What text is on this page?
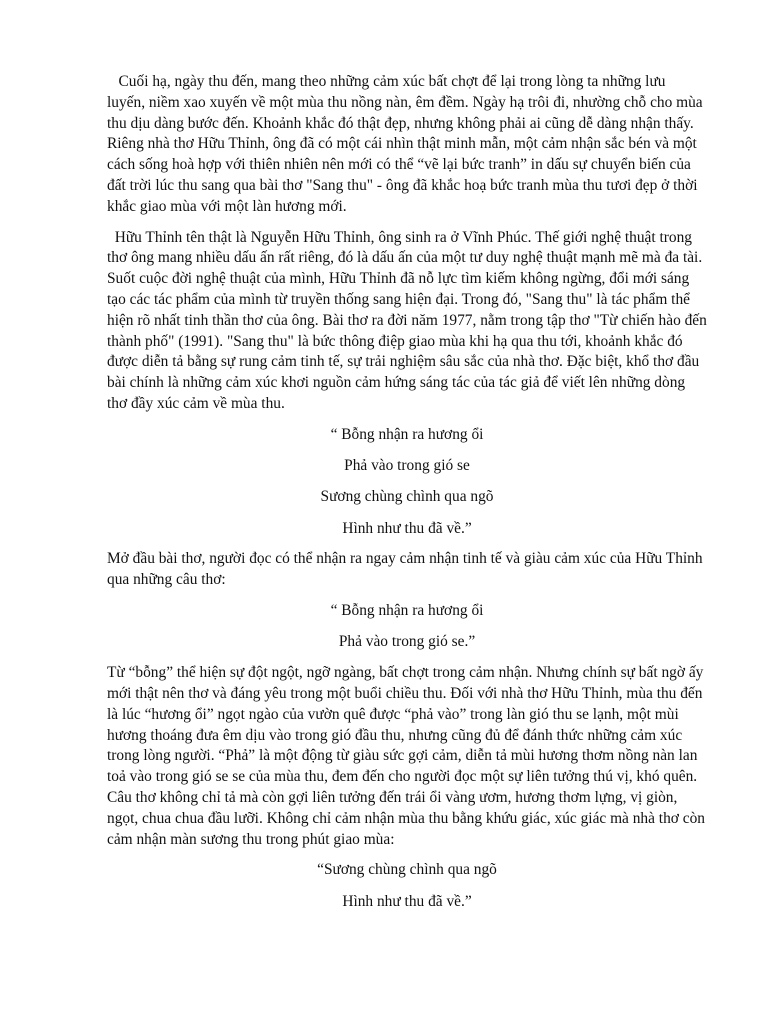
Cuối hạ, ngày thu đến, mang theo những cảm xúc bất chợt để lại trong lòng ta những lưu luyến, niềm xao xuyến về một mùa thu nồng nàn, êm đềm. Ngày hạ trôi đi, nhường chỗ cho mùa thu dịu dàng bước đến. Khoảnh khắc đó thật đẹp, nhưng không phải ai cũng dễ dàng nhận thấy. Riêng nhà thơ Hữu Thỉnh, ông đã có một cái nhìn thật minh mẫn, một cảm nhận sắc bén và một cách sống hoà hợp với thiên nhiên nên mới có thể “vẽ lại bức tranh” in dấu sự chuyển biến của đất trời lúc thu sang qua bài thơ "Sang thu" - ông đã khắc hoạ bức tranh mùa thu tươi đẹp ở thời khắc giao mùa với một làn hương mới.

Hữu Thỉnh tên thật là Nguyễn Hữu Thỉnh, ông sinh ra ở Vĩnh Phúc. Thế giới nghệ thuật trong thơ ông mang nhiều dấu ấn rất riêng, đó là dấu ấn của một tư duy nghệ thuật mạnh mẽ mà đa tài. Suốt cuộc đời nghệ thuật của mình, Hữu Thỉnh đã nỗ lực tìm kiếm không ngừng, đổi mới sáng tạo các tác phẩm của mình từ truyền thống sang hiện đại. Trong đó, "Sang thu" là tác phẩm thể hiện rõ nhất tinh thần thơ của ông. Bài thơ ra đời năm 1977, nằm trong tập thơ "Từ chiến hào đến thành phố" (1991). "Sang thu" là bức thông điệp giao mùa khi hạ qua thu tới, khoảnh khắc đó được diễn tả bằng sự rung cảm tinh tế, sự trải nghiệm sâu sắc của nhà thơ. Đặc biệt, khổ thơ đầu bài chính là những cảm xúc khơi nguồn cảm hứng sáng tác của tác giả để viết lên những dòng thơ đầy xúc cảm về mùa thu.

“ Bỗng nhận ra hương ổi
Phả vào trong gió se
Sương chùng chình qua ngõ
Hình như thu đã về.”

Mở đầu bài thơ, người đọc có thể nhận ra ngay cảm nhận tinh tế và giàu cảm xúc của Hữu Thỉnh qua những câu thơ:

“ Bỗng nhận ra hương ổi
Phả vào trong gió se.”

Từ “bỗng” thể hiện sự đột ngột, ngỡ ngàng, bất chợt trong cảm nhận. Nhưng chính sự bất ngờ ấy mới thật nên thơ và đáng yêu trong một buổi chiều thu. Đối với nhà thơ Hữu Thỉnh, mùa thu đến là lúc “hương ổi” ngọt ngào của vườn quê được “phả vào” trong làn gió thu se lạnh, một mùi hương thoáng đưa êm dịu vào trong gió đầu thu, nhưng cũng đủ để đánh thức những cảm xúc trong lòng người. “Phả” là một động từ giàu sức gợi cảm, diễn tả mùi hương thơm nồng nàn lan toả vào trong gió se se của mùa thu, đem đến cho người đọc một sự liên tưởng thú vị, khó quên. Câu thơ không chỉ tả mà còn gợi liên tưởng đến trái ổi vàng ươm, hương thơm lựng, vị giòn, ngọt, chua chua đầu lưỡi. Không chỉ cảm nhận mùa thu bằng khứu giác, xúc giác mà nhà thơ còn cảm nhận màn sương thu trong phút giao mùa:

“Sương chùng chình qua ngõ
Hình như thu đã về.”
